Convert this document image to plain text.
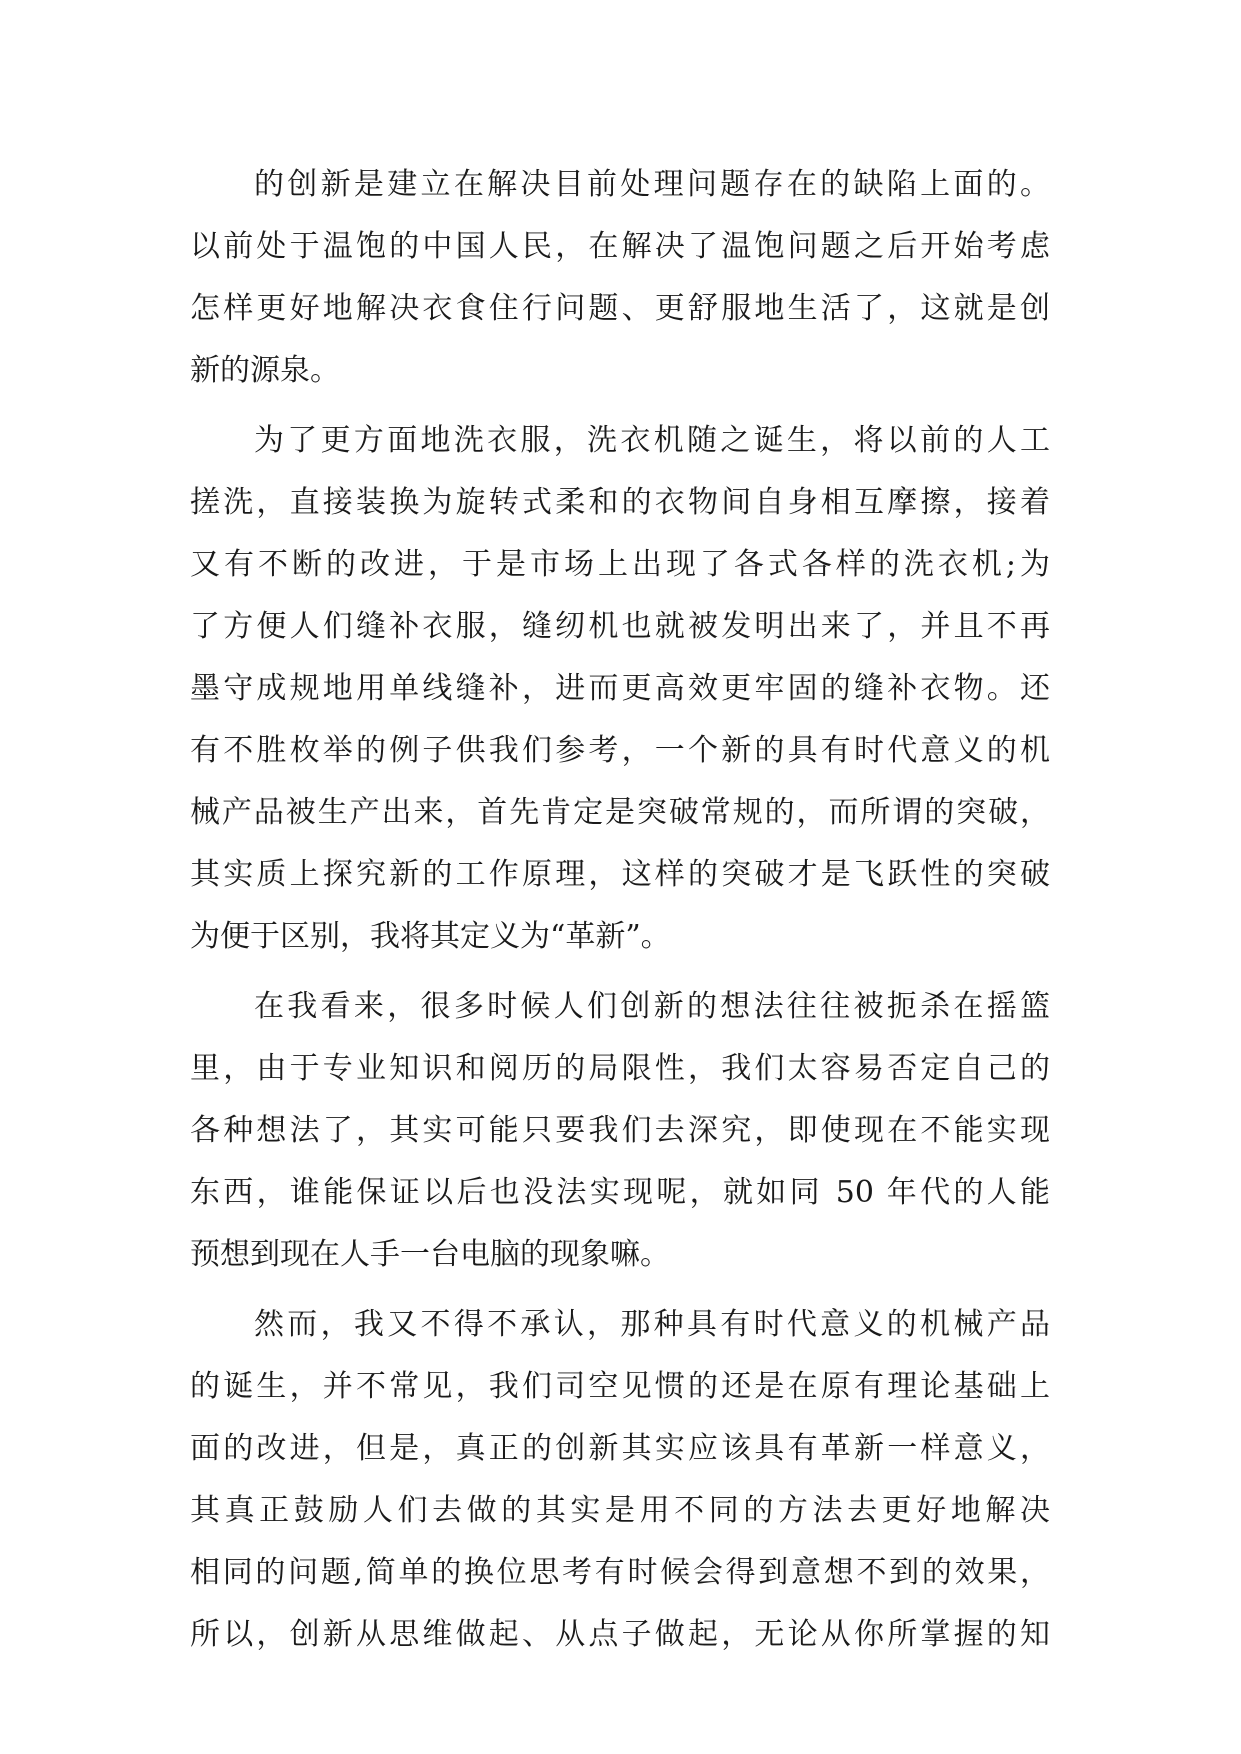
的创新是建立在解决目前处理问题存在的缺陷上面的。
以前处于温饱的中国人民，在解决了温饱问题之后开始考虑
怎样更好地解决衣食住行问题、更舒服地生活了，这就是创
新的源泉。
为了更方面地洗衣服，洗衣机随之诞生，将以前的人工
搓洗，直接装换为旋转式柔和的衣物间自身相互摩擦，接着
又有不断的改进，于是市场上出现了各式各样的洗衣机;为
了方便人们缝补衣服，缝纫机也就被发明出来了，并且不再
墨守成规地用单线缝补，进而更高效更牢固的缝补衣物。还
有不胜枚举的例子供我们参考，一个新的具有时代意义的机
械产品被生产出来，首先肯定是突破常规的，而所谓的突破，
其实质上探究新的工作原理，这样的突破才是飞跃性的突破
为便于区别，我将其定义为“革新”。
在我看来，很多时候人们创新的想法往往被扼杀在摇篮
里，由于专业知识和阅历的局限性，我们太容易否定自己的
各种想法了，其实可能只要我们去深究，即使现在不能实现
东西，谁能保证以后也没法实现呢，就如同 50 年代的人能
预想到现在人手一台电脑的现象嘛。
然而，我又不得不承认，那种具有时代意义的机械产品
的诞生，并不常见，我们司空见惯的还是在原有理论基础上
面的改进，但是，真正的创新其实应该具有革新一样意义，
其真正鼓励人们去做的其实是用不同的方法去更好地解决
相同的问题,简单的换位思考有时候会得到意想不到的效果，
所以，创新从思维做起、从点子做起，无论从你所掌握的知
